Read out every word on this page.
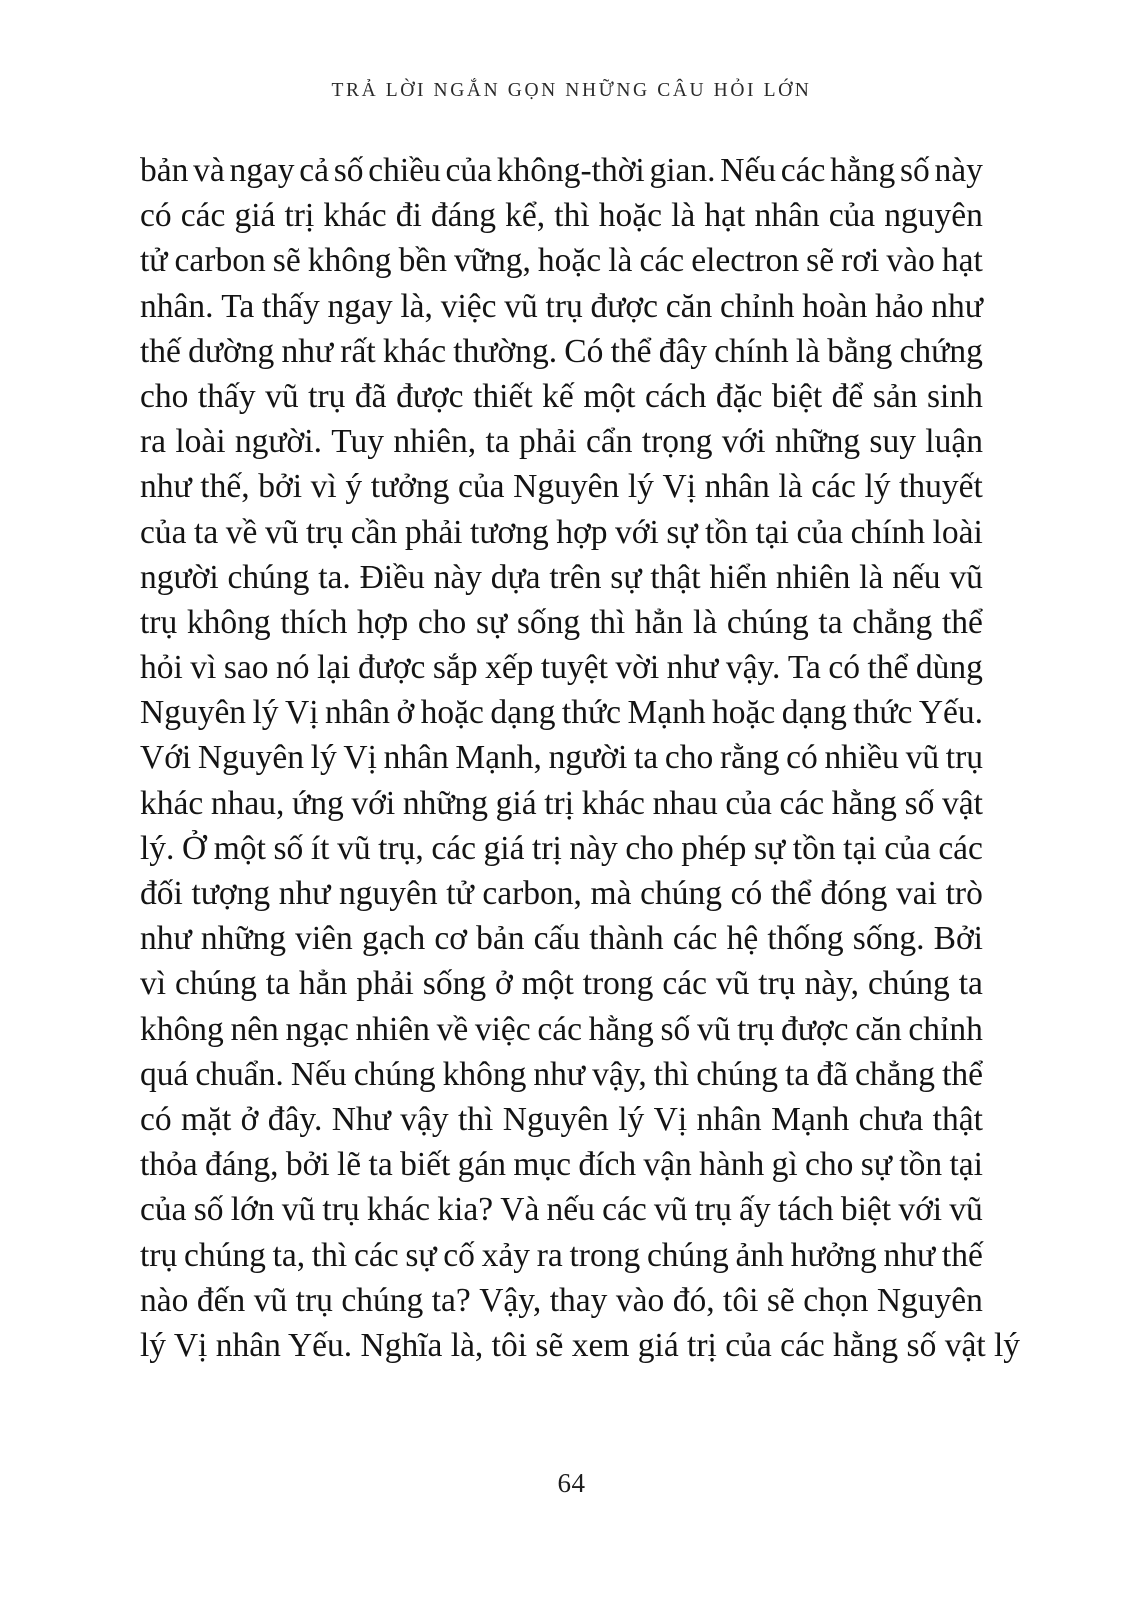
TRẢ LỜI NGẮN GỌN NHỮNG CÂU HỎI LỚN
bản và ngay cả số chiều của không-thời gian. Nếu các hằng số này
có các giá trị khác đi đáng kể, thì hoặc là hạt nhân của nguyên
tử carbon sẽ không bền vững, hoặc là các electron sẽ rơi vào hạt
nhân. Ta thấy ngay là, việc vũ trụ được căn chỉnh hoàn hảo như
thế dường như rất khác thường. Có thể đây chính là bằng chứng
cho thấy vũ trụ đã được thiết kế một cách đặc biệt để sản sinh
ra loài người. Tuy nhiên, ta phải cẩn trọng với những suy luận
như thế, bởi vì ý tưởng của Nguyên lý Vị nhân là các lý thuyết
của ta về vũ trụ cần phải tương hợp với sự tồn tại của chính loài
người chúng ta. Điều này dựa trên sự thật hiển nhiên là nếu vũ
trụ không thích hợp cho sự sống thì hẳn là chúng ta chẳng thể
hỏi vì sao nó lại được sắp xếp tuyệt vời như vậy. Ta có thể dùng
Nguyên lý Vị nhân ở hoặc dạng thức Mạnh hoặc dạng thức Yếu.
Với Nguyên lý Vị nhân Mạnh, người ta cho rằng có nhiều vũ trụ
khác nhau, ứng với những giá trị khác nhau của các hằng số vật
lý. Ở một số ít vũ trụ, các giá trị này cho phép sự tồn tại của các
đối tượng như nguyên tử carbon, mà chúng có thể đóng vai trò
như những viên gạch cơ bản cấu thành các hệ thống sống. Bởi
vì chúng ta hẳn phải sống ở một trong các vũ trụ này, chúng ta
không nên ngạc nhiên về việc các hằng số vũ trụ được căn chỉnh
quá chuẩn. Nếu chúng không như vậy, thì chúng ta đã chẳng thể
có mặt ở đây. Như vậy thì Nguyên lý Vị nhân Mạnh chưa thật
thỏa đáng, bởi lẽ ta biết gán mục đích vận hành gì cho sự tồn tại
của số lớn vũ trụ khác kia? Và nếu các vũ trụ ấy tách biệt với vũ
trụ chúng ta, thì các sự cố xảy ra trong chúng ảnh hưởng như thế
nào đến vũ trụ chúng ta? Vậy, thay vào đó, tôi sẽ chọn Nguyên
lý Vị nhân Yếu. Nghĩa là, tôi sẽ xem giá trị của các hằng số vật lý
64
